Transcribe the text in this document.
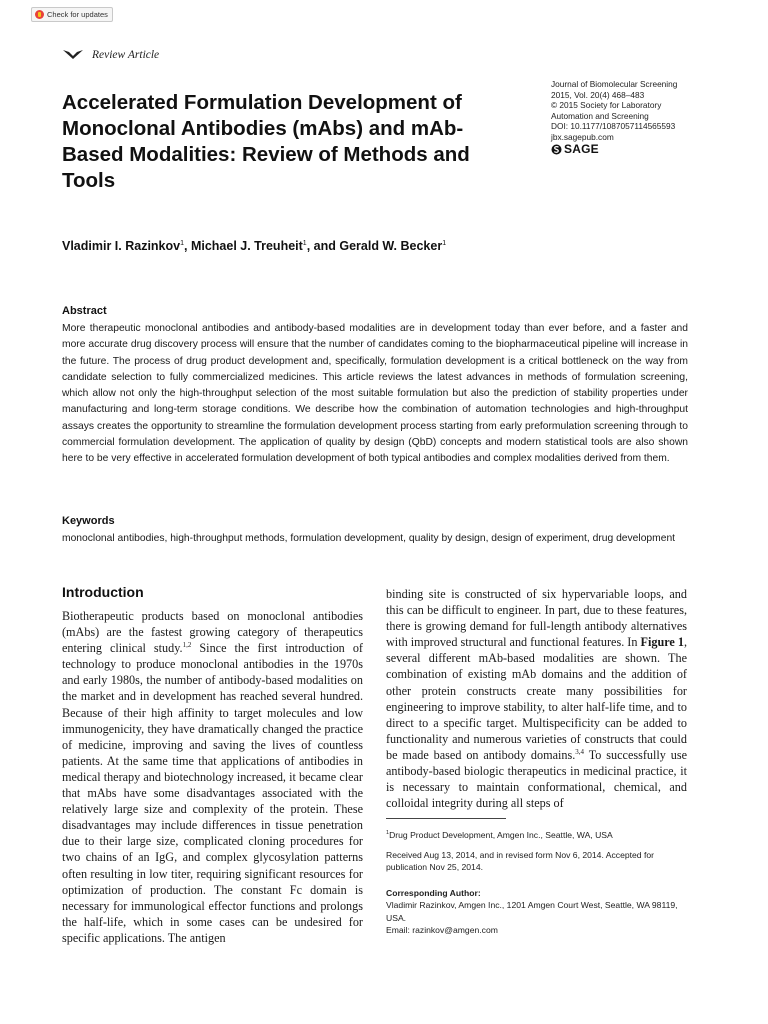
Check for updates
Review Article
Accelerated Formulation Development of Monoclonal Antibodies (mAbs) and mAb-Based Modalities: Review of Methods and Tools
Journal of Biomolecular Screening
2015, Vol. 20(4) 468–483
© 2015 Society for Laboratory
Automation and Screening
DOI: 10.1177/1087057114565593
jbx.sagepub.com
SAGE
Vladimir I. Razinkov$^1$, Michael J. Treuheit$^1$, and Gerald W. Becker$^1$
Abstract

More therapeutic monoclonal antibodies and antibody-based modalities are in development today than ever before, and a faster and more accurate drug discovery process will ensure that the number of candidates coming to the biopharmaceutical pipeline will increase in the future. The process of drug product development and, specifically, formulation development is a critical bottleneck on the way from candidate selection to fully commercialized medicines. This article reviews the latest advances in methods of formulation screening, which allow not only the high-throughput selection of the most suitable formulation but also the prediction of stability properties under manufacturing and long-term storage conditions. We describe how the combination of automation technologies and high-throughput assays creates the opportunity to streamline the formulation development process starting from early preformulation screening through to commercial formulation development. The application of quality by design (QbD) concepts and modern statistical tools are also shown here to be very effective in accelerated formulation development of both typical antibodies and complex modalities derived from them.

Keywords

monoclonal antibodies, high-throughput methods, formulation development, quality by design, design of experiment, drug development

Introduction

Biotherapeutic products based on monoclonal antibodies (mAbs) are the fastest growing category of therapeutics entering clinical study.$^{1,2}$ Since the first introduction of technology to produce monoclonal antibodies in the 1970s and early 1980s, the number of antibody-based modalities on the market and in development has reached several hundred. Because of their high affinity to target molecules and low immunogenicity, they have dramatically changed the practice of medicine, improving and saving the lives of countless patients. At the same time that applications of antibodies in medical therapy and biotechnology increased, it became clear that mAbs have some disadvantages associated with the relatively large size and complexity of the protein. These disadvantages may include differences in tissue penetration due to their large size, complicated cloning procedures for two chains of an IgG, and complex glycosylation patterns often resulting in low titer, requiring significant resources for optimization of production. The constant Fc domain is necessary for immunological effector functions and prolongs the half-life, which in some cases can be undesired for specific applications. The antigen

binding site is constructed of six hypervariable loops, and this can be difficult to engineer. In part, due to these features, there is growing demand for full-length antibody alternatives with improved structural and functional features. In Figure 1, several different mAb-based modalities are shown. The combination of existing mAb domains and the addition of other protein constructs create many possibilities for engineering to improve stability, to alter half-life time, and to direct to a specific target. Multispecificity can be added to functionality and numerous varieties of constructs that could be made based on antibody domains.$^{3,4}$ To successfully use antibody-based biologic therapeutics in medicinal practice, it is necessary to maintain conformational, chemical, and colloidal integrity during all steps of

$^1$Drug Product Development, Amgen Inc., Seattle, WA, USA
Received Aug 13, 2014, and in revised form Nov 6, 2014. Accepted for publication Nov 25, 2014.
Corresponding Author:
Vladimir Razinkov, Amgen Inc., 1201 Amgen Court West, Seattle, WA 98119, USA.
Email: razinkov@amgen.com
